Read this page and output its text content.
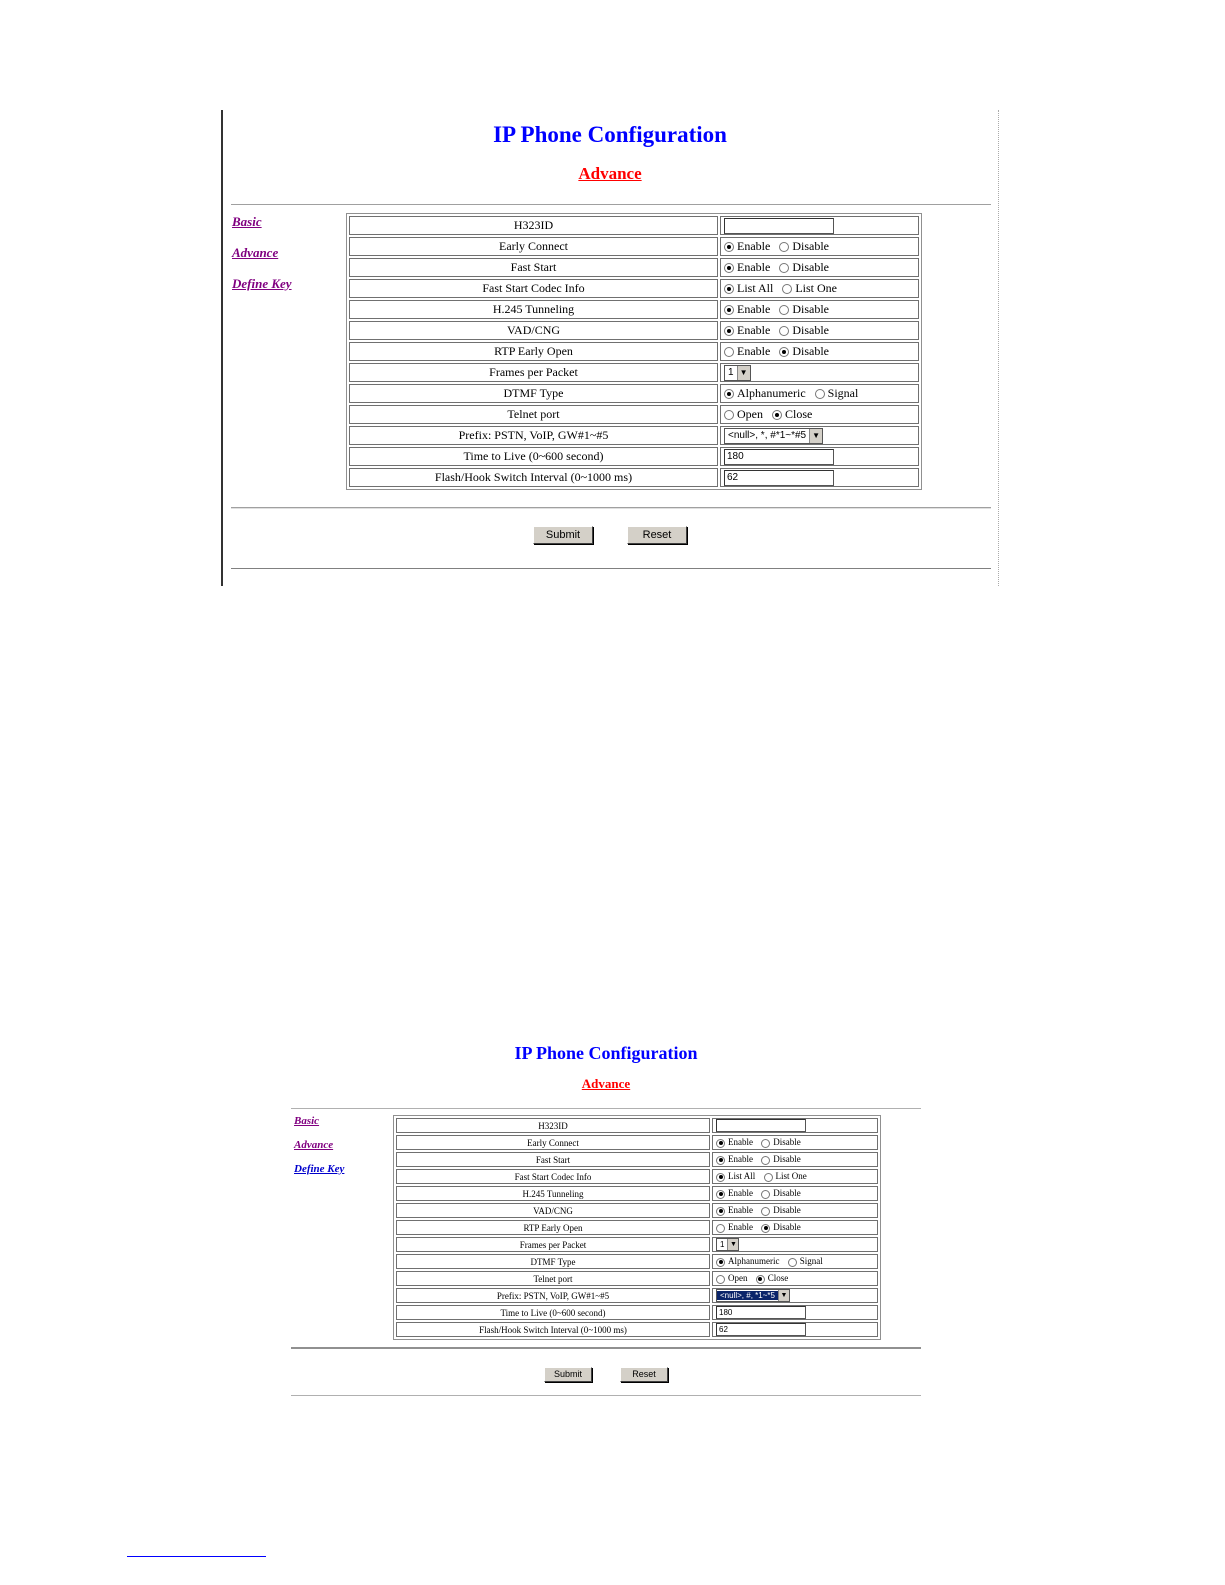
IP Phone Configuration
Advance
Basic
Advance
Define Key
H323ID	
Early Connect	Enable Disable
Fast Start	Enable Disable
Fast Start Codec Info	List All List One
H.245 Tunneling	Enable Disable
VAD/CNG	Enable Disable
RTP Early Open	Enable Disable
Frames per Packet	1 ▼

DTMF Type	Alphanumeric Signal
Telnet port	Open Close
Prefix: PSTN, VoIP, GW#1~#5	<null>, *, #*1~*#5 ▼

Time to Live (0~600 second)	180
Flash/Hook Switch Interval (0~1000 ms)	62
Submit	Reset
IP Phone Configuration
Advance
Basic
Advance
Define Key
H323ID	
Early Connect	Enable Disable
Fast Start	Enable Disable
Fast Start Codec Info	List All List One
H.245 Tunneling	Enable Disable
VAD/CNG	Enable Disable
RTP Early Open	Enable Disable
Frames per Packet	1 ▼

DTMF Type	Alphanumeric Signal
Telnet port	Open Close
Prefix: PSTN, VoIP, GW#1~#5	<null>, #, *1~*5 ▼

Time to Live (0~600 second)	180
Flash/Hook Switch Interval (0~1000 ms)	62
Submit	Reset
